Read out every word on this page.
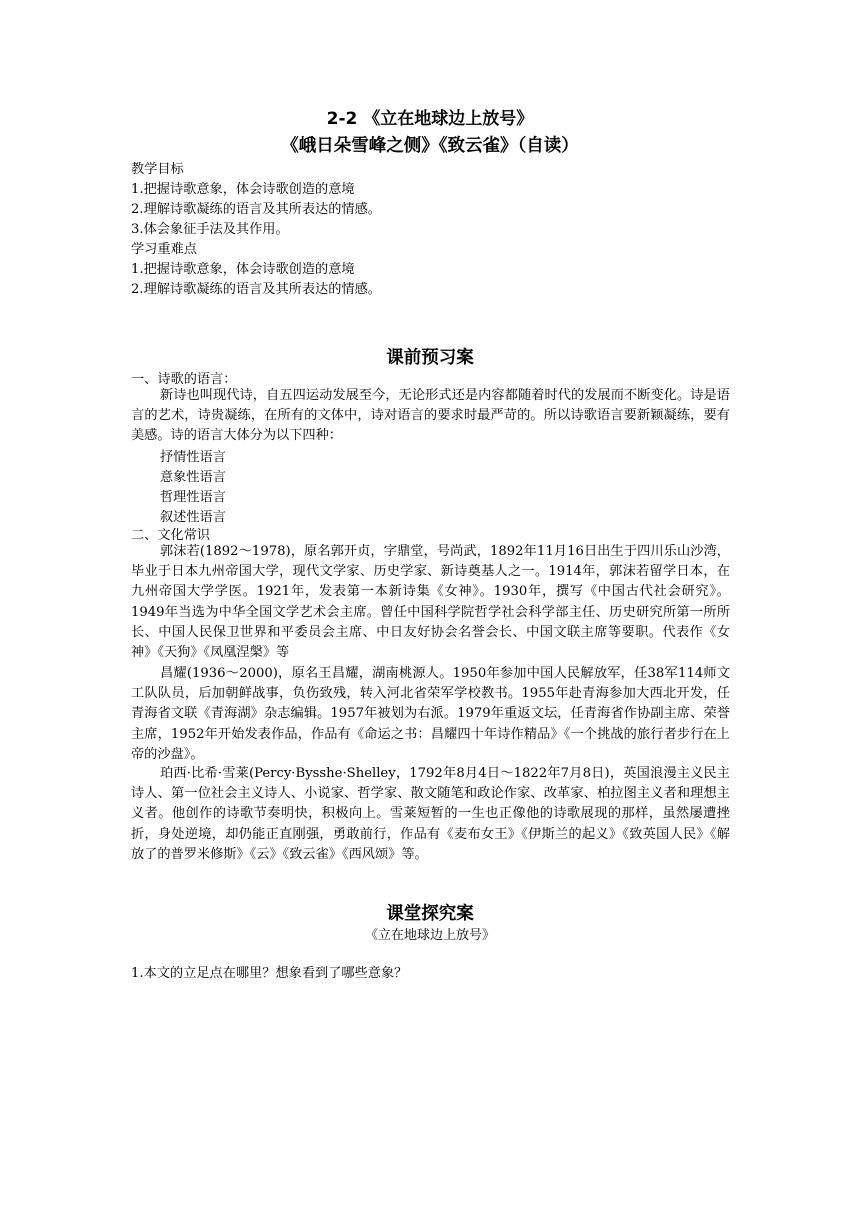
2-2 《立在地球边上放号》
《峨日朵雪峰之侧》《致云雀》（自读）
教学目标
1.把握诗歌意象，体会诗歌创造的意境
2.理解诗歌凝练的语言及其所表达的情感。
3.体会象征手法及其作用。
学习重难点
1.把握诗歌意象，体会诗歌创造的意境
2.理解诗歌凝练的语言及其所表达的情感。
课前预习案
一、诗歌的语言：
新诗也叫现代诗，自五四运动发展至今，无论形式还是内容都随着时代的发展而不断变化。诗是语言的艺术，诗贵凝练，在所有的文体中，诗对语言的要求时最严苛的。所以诗歌语言要新颖凝练，要有美感。诗的语言大体分为以下四种：
抒情性语言
意象性语言
哲理性语言
叙述性语言
二、文化常识
郭沫若(1892～1978)，原名郭开贞，字鼎堂，号尚武，1892年11月16日出生于四川乐山沙湾，毕业于日本九州帝国大学，现代文学家、历史学家、新诗奠基人之一。1914年，郭沫若留学日本，在九州帝国大学学医。1921年，发表第一本新诗集《女神》。1930年，撰写《中国古代社会研究》。1949年当选为中华全国文学艺术会主席。曾任中国科学院哲学社会科学部主任、历史研究所第一所所长、中国人民保卫世界和平委员会主席、中日友好协会名誉会长、中国文联主席等要职。代表作《女神》《天狗》《凤凰涅槃》等
昌耀(1936～2000)，原名王昌耀，湖南桃源人。1950年参加中国人民解放军，任38军114师文工队队员，后加朝鲜战事，负伤致残，转入河北省荣军学校教书。1955年赴青海参加大西北开发，任青海省文联《青海湖》杂志编辑。1957年被划为右派。1979年重返文坛，任青海省作协副主席、荣誉主席，1952年开始发表作品，作品有《命运之书：昌耀四十年诗作精品》《一个挑战的旅行者步行在上帝的沙盘》。
珀西·比希·雪莱(Percy·Bysshe·Shelley，1792年8月4日～1822年7月8日)，英国浪漫主义民主诗人、第一位社会主义诗人、小说家、哲学家、散文随笔和政论作家、改革家、柏拉图主义者和理想主义者。他创作的诗歌节奏明快，积极向上。雪莱短暂的一生也正像他的诗歌展现的那样，虽然屡遭挫折，身处逆境，却仍能正直刚强，勇敢前行，作品有《麦布女王》《伊斯兰的起义》《致英国人民》《解放了的普罗米修斯》《云》《致云雀》《西风颂》等。
课堂探究案
《立在地球边上放号》
1.本文的立足点在哪里？想象看到了哪些意象？
